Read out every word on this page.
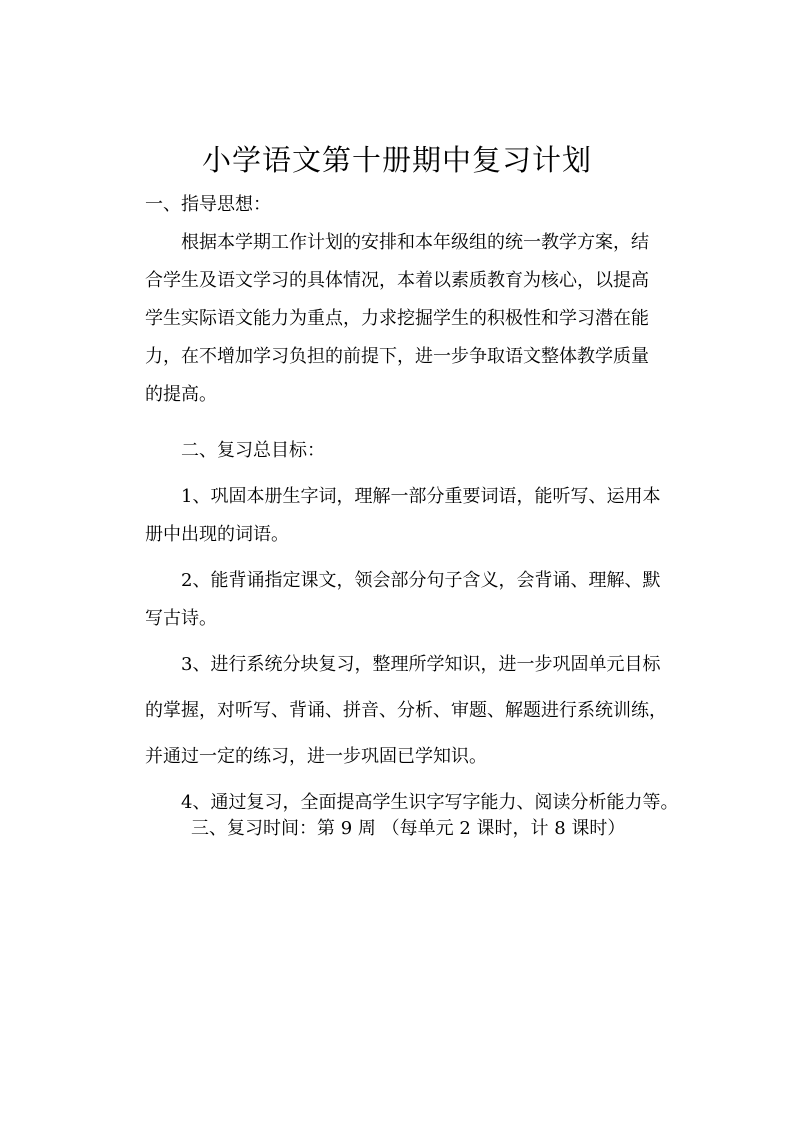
小学语文第十册期中复习计划
一、指导思想：
根据本学期工作计划的安排和本年级组的统一教学方案，结
合学生及语文学习的具体情况，本着以素质教育为核心，以提高
学生实际语文能力为重点，力求挖掘学生的积极性和学习潜在能
力，在不增加学习负担的前提下，进一步争取语文整体教学质量
的提高。
二、复习总目标：
1、巩固本册生字词，理解一部分重要词语，能听写、运用本
册中出现的词语。
2、能背诵指定课文，领会部分句子含义，会背诵、理解、默
写古诗。
3、进行系统分块复习，整理所学知识，进一步巩固单元目标
的掌握，对听写、背诵、拼音、分析、审题、解题进行系统训练，
并通过一定的练习，进一步巩固已学知识。
4、通过复习，全面提高学生识字写字能力、阅读分析能力等。
三、复习时间：第 9 周 （每单元 2 课时，计 8 课时）
